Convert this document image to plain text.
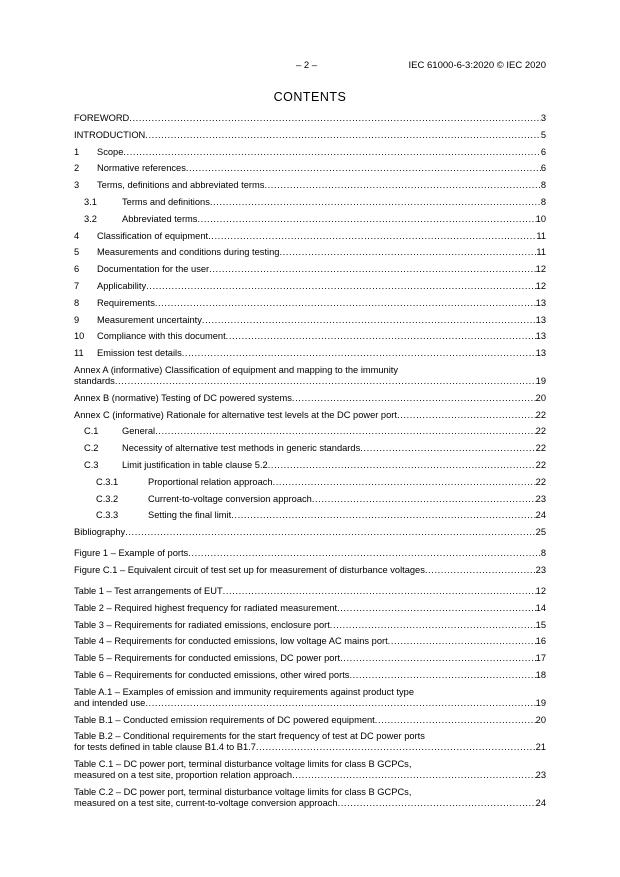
– 2 –	IEC 61000-6-3:2020 © IEC 2020
CONTENTS
FOREWORD .....	3
INTRODUCTION .....	5
1	Scope .....	6
2	Normative references .....	6
3	Terms, definitions and abbreviated terms .....	8
3.1	Terms and definitions .....	8
3.2	Abbreviated terms .....	10
4	Classification of equipment .....	11
5	Measurements and conditions during testing .....	11
6	Documentation for the user .....	12
7	Applicability .....	12
8	Requirements .....	13
9	Measurement uncertainty .....	13
10	Compliance with this document .....	13
11	Emission test details .....	13
Annex A (informative) Classification of equipment and mapping to the immunity
standards .....	19
Annex B (normative) Testing of DC powered systems .....	20
Annex C (informative) Rationale for alternative test levels at the DC power port .....	22
C.1	General .....	22
C.2	Necessity of alternative test methods in generic standards .....	22
C.3	Limit justification in table clause 5.2 .....	22
C.3.1	Proportional relation approach .....	22
C.3.2	Current-to-voltage conversion approach .....	23
C.3.3	Setting the final limit .....	24
Bibliography .....	25
Figure 1 – Example of ports .....	8
Figure C.1 – Equivalent circuit of test set up for measurement of disturbance voltages .....	23
Table 1 – Test arrangements of EUT .....	12
Table 2 – Required highest frequency for radiated measurement .....	14
Table 3 – Requirements for radiated emissions, enclosure port .....	15
Table 4 – Requirements for conducted emissions, low voltage AC mains port .....	16
Table 5 – Requirements for conducted emissions, DC power port .....	17
Table 6 – Requirements for conducted emissions, other wired ports .....	18
Table A.1 – Examples of emission and immunity requirements against product type
and intended use .....	19
Table B.1 – Conducted emission requirements of DC powered equipment .....	20
Table B.2 – Conditional requirements for the start frequency of test at DC power ports
for tests defined in table clause B1.4 to B1.7 .....	21
Table C.1 – DC power port, terminal disturbance voltage limits for class B GCPCs,
measured on a test site, proportion relation approach .....	23
Table C.2 – DC power port, terminal disturbance voltage limits for class B GCPCs,
measured on a test site, current-to-voltage conversion approach .....	24
